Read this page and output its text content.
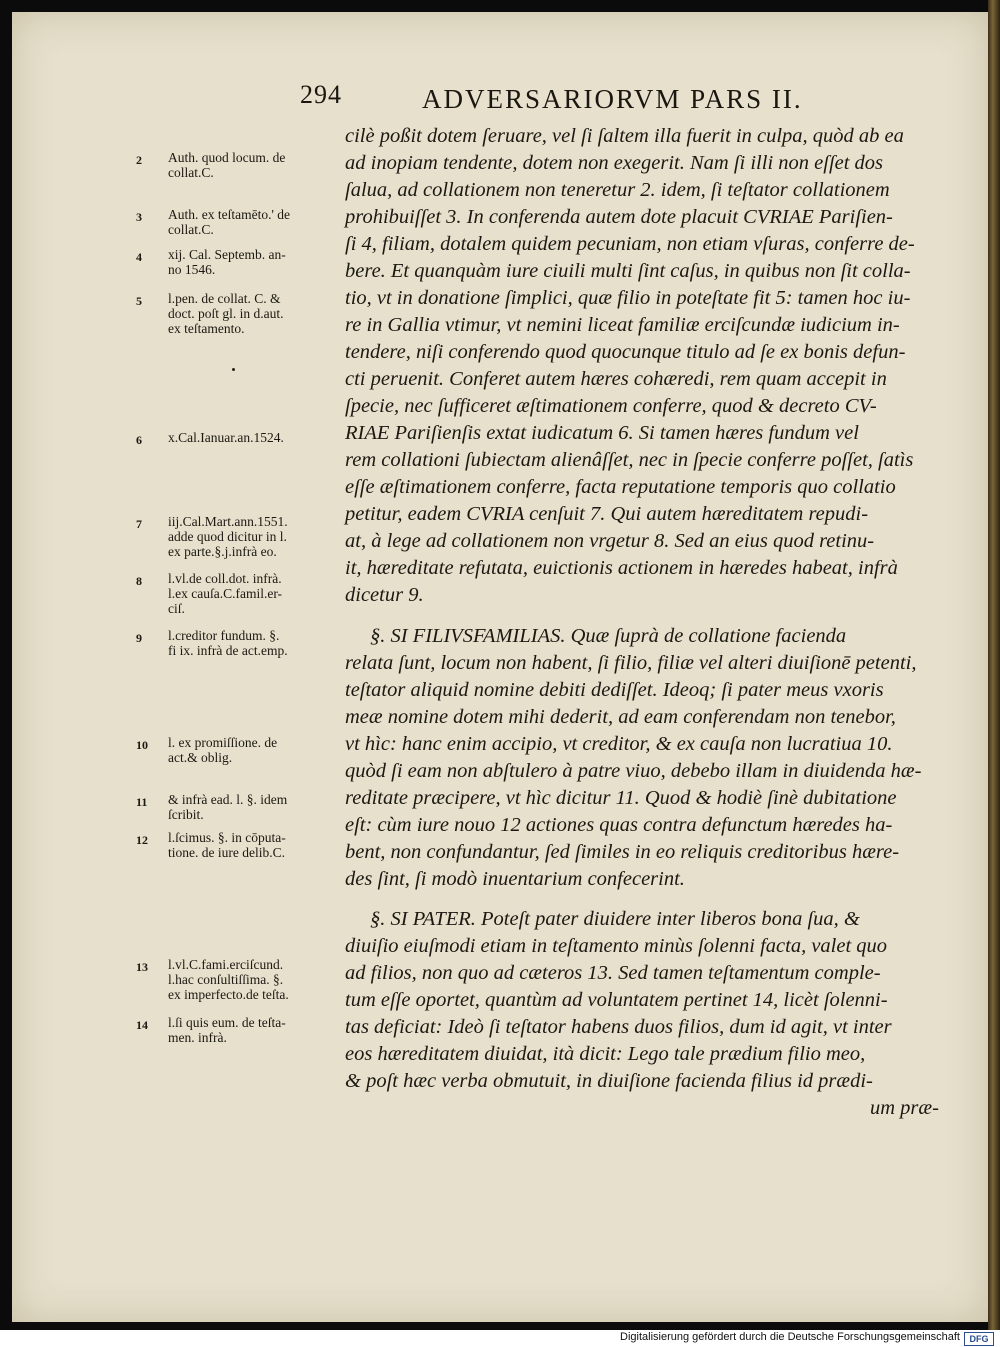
294	ADVERSARIORVM PARS II.
cilè poßit dotem ſeruare, vel ſi ſaltem illa fuerit in culpa, quòd ab ea
ad inopiam tendente, dotem non exegerit. Nam ſi illi non eſſet dos
ſalua, ad collationem non teneretur 2. idem, ſi teſtator collationem
prohibuiſſet 3. In conferenda autem dote placuit CVRIAE Pariſien-
ſi 4, filiam, dotalem quidem pecuniam, non etiam vſuras, conferre de-
bere. Et quanquàm iure ciuili multi ſint caſus, in quibus non ſit colla-
tio, vt in donatione ſimplici, quæ filio in poteſtate fit 5: tamen hoc iu-
re in Gallia vtimur, vt nemini liceat familiæ erciſcundæ iudicium in-
tendere, niſi conferendo quod quocunque titulo ad ſe ex bonis defun-
cti peruenit. Conferet autem hæres cohæredi, rem quam accepit in
ſpecie, nec ſufficeret æſtimationem conferre, quod & decreto CV-
RIAE Pariſienſis extat iudicatum 6. Si tamen hæres fundum vel
rem collationi ſubiectam alienâſſet, nec in ſpecie conferre poſſet, ſatìs
eſſe æſtimationem conferre, facta reputatione temporis quo collatio
petitur, eadem CVRIA cenſuit 7. Qui autem hæreditatem repudi-
at, à lege ad collationem non vrgetur 8. Sed an eius quod retinu-
it, hæreditate refutata, euictionis actionem in hæredes habeat, infrà
dicetur 9.
§. SI FILIVSFAMILIAS. Quæ ſuprà de collatione facienda
relata ſunt, locum non habent, ſi filio, filiæ vel alteri diuiſionē petenti,
teſtator aliquid nomine debiti dediſſet. Ideoq; ſi pater meus vxoris
meæ nomine dotem mihi dederit, ad eam conferendam non tenebor,
vt hìc: hanc enim accipio, vt creditor, & ex cauſa non lucratiua 10.
quòd ſi eam non abſtulero à patre viuo, debebo illam in diuidenda hæ-
reditate præcipere, vt hìc dicitur 11. Quod & hodiè ſinè dubitatione
eſt: cùm iure nouo 12 actiones quas contra defunctum hæredes ha-
bent, non confundantur, ſed ſimiles in eo reliquis creditoribus hære-
des ſint, ſi modò inuentarium confecerint.
§. SI PATER. Poteſt pater diuidere inter liberos bona ſua, &
diuiſio eiuſmodi etiam in teſtamento minùs ſolenni facta, valet quo
ad filios, non quo ad cæteros 13. Sed tamen teſtamentum comple-
tum eſſe oportet, quantùm ad voluntatem pertinet 14, licèt ſolenni-
tas deficiat: Ideò ſi teſtator habens duos filios, dum id agit, vt inter
eos hæreditatem diuidat, ità dicit: Lego tale prædium filio meo,
& poſt hæc verba obmutuit, in diuiſione facienda filius id prædi-
um præ-
2 Auth. quod locum. de
collat.C.
3 Auth. ex teſtamēto.' de
collat.C.
4 xij. Cal. Septemb. an-
no 1546.
5 l.pen. de collat. C. &
doct. poſt gl. in d.aut.
ex teſtamento.
6 x.Cal.Ianuar.an.1524.
7 iij.Cal.Mart.ann.1551.
adde quod dicitur in l.
ex parte.§.j.infrà eo.
8 l.vl.de coll.dot. infrà.
l.ex cauſa.C.famil.er-
ciſ.
9 l.creditor fundum. §.
fi ix. infrà de act.emp.
10 l. ex promiſſione. de
act.& oblig.
11 & infrà ead. l. §. idem
ſcribit.
12 l.ſcimus. §. in cōputa-
tione. de iure delib.C.
13 l.vl.C.fami.erciſcund.
l.hac conſultiſſima. §.
ex imperfecto.de teſta.
14 l.ſi quis eum. de teſta-
men. infrà.
Digitalisierung gefördert durch die Deutsche Forschungsgemeinschaft	DFG
